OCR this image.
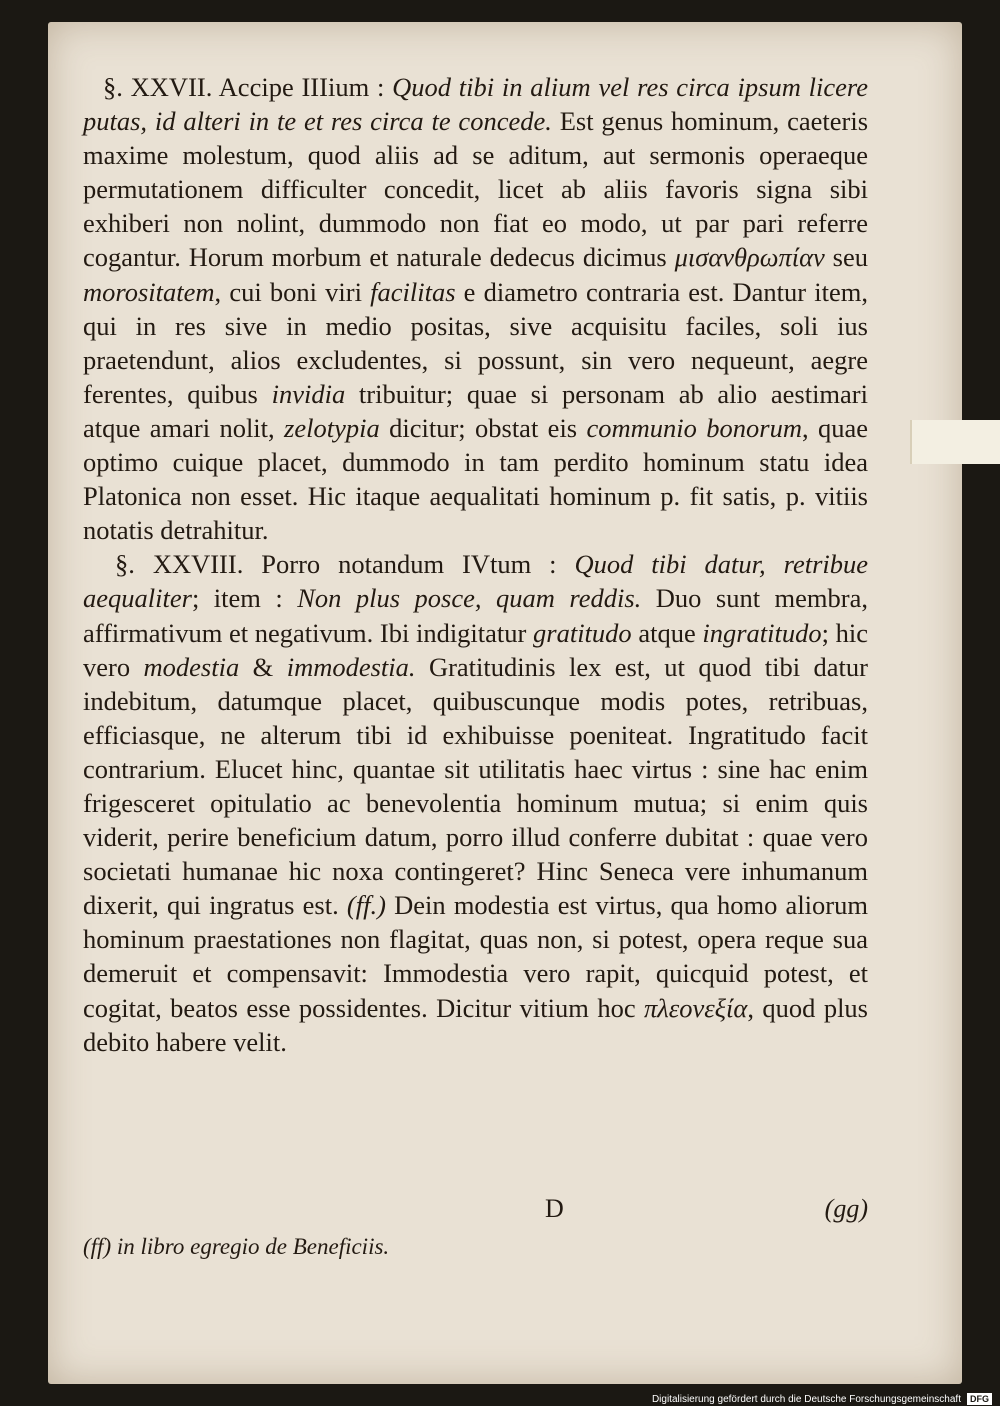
§. XXVII. Accipe IIIium : Quod tibi in alium vel res circa ipsum licere putas, id alteri in te et res circa te concede. Est genus hominum, caeteris maxime molestum, quod aliis ad se aditum, aut sermonis operaeque permutationem difficulter concedit, licet ab aliis favoris signa sibi exhiberi non nolint, dummodo non fiat eo modo, ut par pari referre cogantur. Horum morbum et naturale dedecus dicimus μισανθρωπίαν seu morositatem, cui boni viri facilitas e diametro contraria est. Dantur item, qui in res sive in medio positas, sive acquisitu faciles, soli ius praetendunt, alios excludentes, si possunt, sin vero nequeunt, aegre ferentes, quibus invidia tribuitur; quae si personam ab alio aestimari atque amari nolit, zelotypia dicitur; obstat eis communio bonorum, quae optimo cuique placet, dummodo in tam perdito hominum statu idea Platonica non esset. Hic itaque aequalitati hominum p. fit satis, p. vitiis notatis detrahitur.

§. XXVIII. Porro notandum IVtum : Quod tibi datur, retribue aequaliter; item : Non plus posce, quam reddis. Duo sunt membra, affirmativum et negativum. Ibi indigitatur gratitudo atque ingratitudo; hic vero modestia & immodestia. Gratitudinis lex est, ut quod tibi datur indebitum, datumque placet, quibuscunque modis potes, retribuas, efficiasque, ne alterum tibi id exhibuisse poeniteat. Ingratitudo facit contrarium. Elucet hinc, quantae sit utilitatis haec virtus : sine hac enim frigesceret opitulatio ac benevolentia hominum mutua; si enim quis viderit, perire beneficium datum, porro illud conferre dubitat : quae vero societati humanae hic noxa contingeret? Hinc Seneca vere inhumanum dixerit, qui ingratus est. (ff.) Dein modestia est virtus, qua homo aliorum hominum praestationes non flagitat, quas non, si potest, opera reque sua demeruit et compensavit: Immodestia vero rapit, quicquid potest, et cogitat, beatos esse possidentes. Dicitur vitium hoc πλεονεξία, quod plus debito habere velit.

D	(gg)
(ff) in libro egregio de Beneficiis.
Digitalisierung gefördert durch die Deutsche Forschungsgemeinschaft	DFG
